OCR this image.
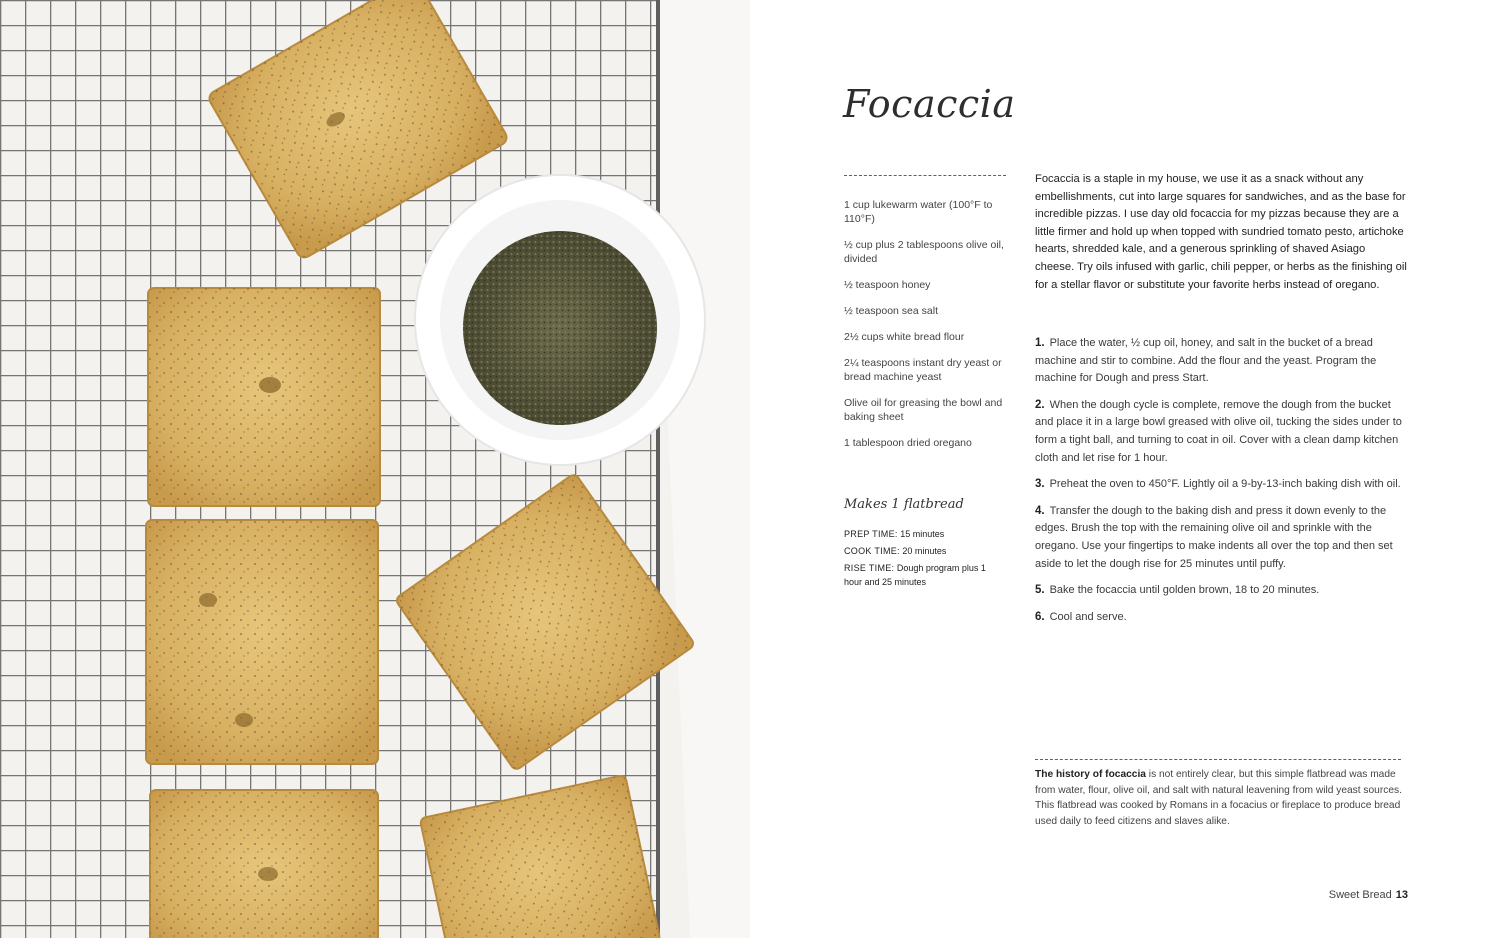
Focaccia
1 cup lukewarm water (100°F to 110°F)
½ cup plus 2 tablespoons olive oil, divided
½ teaspoon honey
½ teaspoon sea salt
2½ cups white bread flour
2¼ teaspoons instant dry yeast or bread machine yeast
Olive oil for greasing the bowl and baking sheet
1 tablespoon dried oregano
Makes 1 flatbread
PREP TIME: 15 minutes
COOK TIME: 20 minutes
RISE TIME: Dough program plus 1 hour and 25 minutes

Focaccia is a staple in my house, we use it as a snack without any embellishments, cut into large squares for sandwiches, and as the base for incredible pizzas. I use day old focaccia for my pizzas because they are a little firmer and hold up when topped with sundried tomato pesto, artichoke hearts, shredded kale, and a generous sprinkling of shaved Asiago cheese. Try oils infused with garlic, chili pepper, or herbs as the finishing oil for a stellar flavor or substitute your favorite herbs instead of oregano.

1. Place the water, ½ cup oil, honey, and salt in the bucket of a bread machine and stir to combine. Add the flour and the yeast. Program the machine for Dough and press Start.
2. When the dough cycle is complete, remove the dough from the bucket and place it in a large bowl greased with olive oil, tucking the sides under to form a tight ball, and turning to coat in oil. Cover with a clean damp kitchen cloth and let rise for 1 hour.
3. Preheat the oven to 450°F. Lightly oil a 9-by-13-inch baking dish with oil.
4. Transfer the dough to the baking dish and press it down evenly to the edges. Brush the top with the remaining olive oil and sprinkle with the oregano. Use your fingertips to make indents all over the top and then set aside to let the dough rise for 25 minutes until puffy.
5. Bake the focaccia until golden brown, 18 to 20 minutes.
6. Cool and serve.

The history of focaccia is not entirely clear, but this simple flatbread was made from water, flour, olive oil, and salt with natural leavening from wild yeast sources. This flatbread was cooked by Romans in a focacius or fireplace to produce bread used daily to feed citizens and slaves alike.

Sweet Bread 13
